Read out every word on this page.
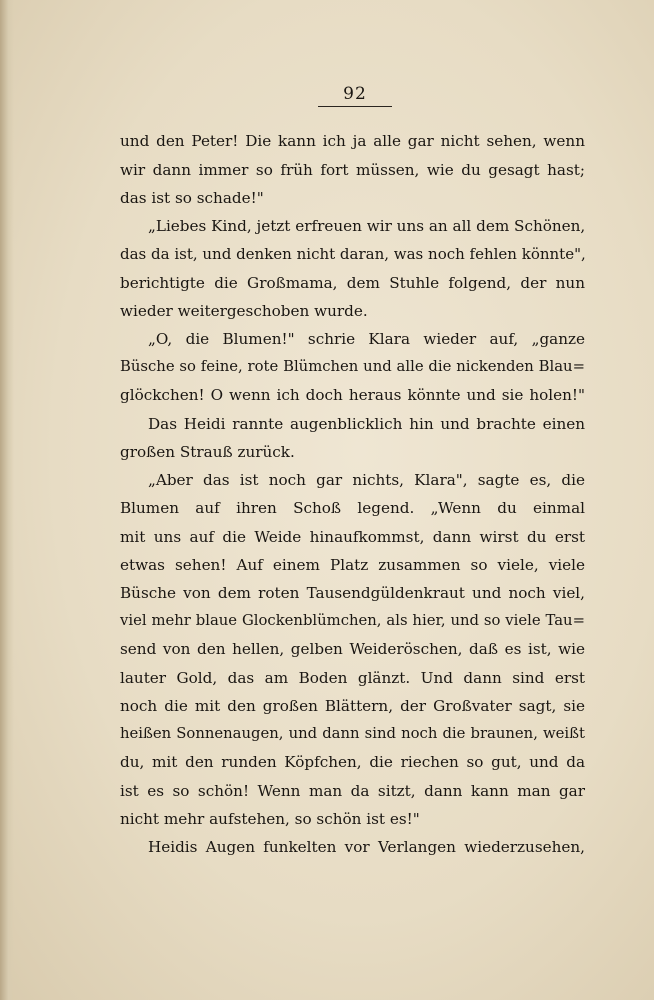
92
und den Peter! Die kann ich ja alle gar nicht sehen, wenn
wir dann immer so früh fort müssen, wie du gesagt hast;
das ist so schade!"
„Liebes Kind, jetzt erfreuen wir uns an all dem Schönen,
das da ist, und denken nicht daran, was noch fehlen könnte",
berichtigte die Großmama, dem Stuhle folgend, der nun
wieder weitergeschoben wurde.
„O, die Blumen!" schrie Klara wieder auf, „ganze
Büsche so feine, rote Blümchen und alle die nickenden Blau=
glöckchen! O wenn ich doch heraus könnte und sie holen!"
Das Heidi rannte augenblicklich hin und brachte einen
großen Strauß zurück.
„Aber das ist noch gar nichts, Klara", sagte es, die
Blumen auf ihren Schoß legend. „Wenn du einmal
mit uns auf die Weide hinaufkommst, dann wirst du erst
etwas sehen! Auf einem Platz zusammen so viele, viele
Büsche von dem roten Tausendgüldenkraut und noch viel,
viel mehr blaue Glockenblümchen, als hier, und so viele Tau=
send von den hellen, gelben Weideröschen, daß es ist, wie
lauter Gold, das am Boden glänzt. Und dann sind erst
noch die mit den großen Blättern, der Großvater sagt, sie
heißen Sonnenaugen, und dann sind noch die braunen, weißt
du, mit den runden Köpfchen, die riechen so gut, und da
ist es so schön! Wenn man da sitzt, dann kann man gar
nicht mehr aufstehen, so schön ist es!"
Heidis Augen funkelten vor Verlangen wiederzusehen,
